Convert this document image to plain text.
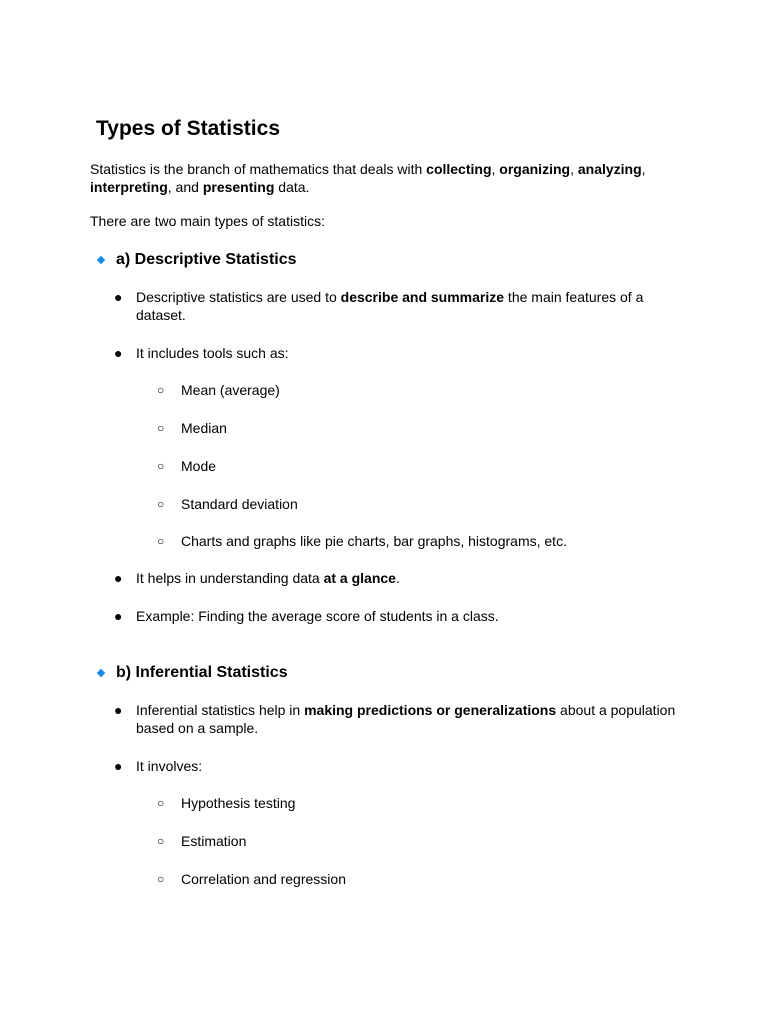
Types of Statistics

Statistics is the branch of mathematics that deals with collecting, organizing, analyzing, interpreting, and presenting data.

There are two main types of statistics:

a) Descriptive Statistics

● Descriptive statistics are used to describe and summarize the main features of a dataset.

● It includes tools such as:

○ Mean (average)

○ Median

○ Mode

○ Standard deviation

○ Charts and graphs like pie charts, bar graphs, histograms, etc.

● It helps in understanding data at a glance.

● Example: Finding the average score of students in a class.

b) Inferential Statistics

● Inferential statistics help in making predictions or generalizations about a population based on a sample.

● It involves:

○ Hypothesis testing

○ Estimation

○ Correlation and regression
